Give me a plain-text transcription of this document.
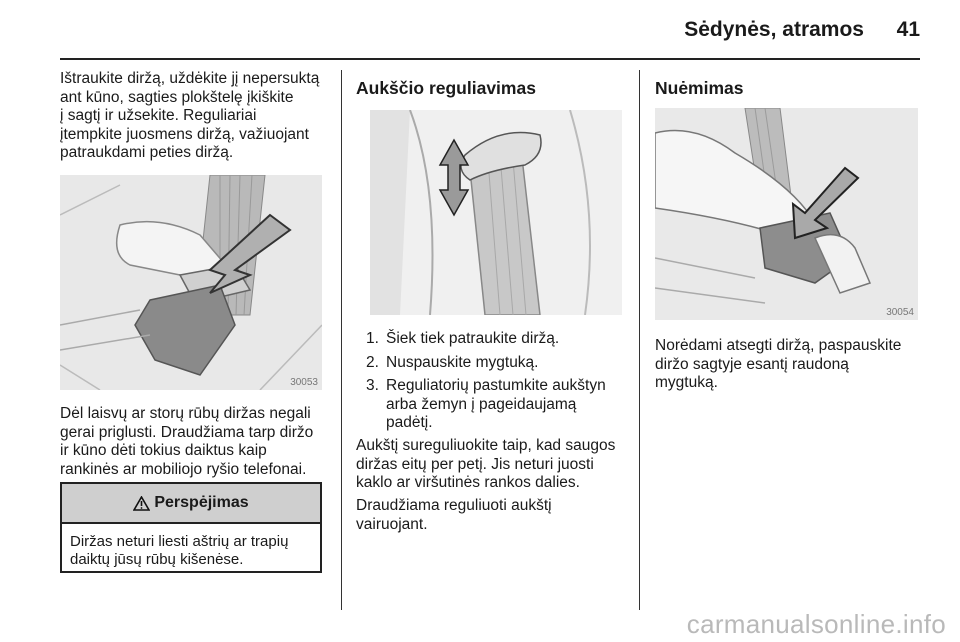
Sėdynės, atramos 41
Ištraukite diržą, uždėkite jį nepersuktą
ant kūno, sagties plokštelę įkiškite
į sagtį ir užsekite. Reguliariai
įtempkite juosmens diržą, važiuojant
patraukdami peties diržą.
30053
Dėl laisvų ar storų rūbų diržas negali
gerai priglusti. Draudžiama tarp diržo
ir kūno dėti tokius daiktus kaip
rankinės ar mobiliojo ryšio telefonai.
Perspėjimas
Diržas neturi liesti aštrių ar trapių
daiktų jūsų rūbų kišenėse.
Aukščio reguliavimas
1. Šiek tiek patraukite diržą.
2. Nuspauskite mygtuką.
3. Reguliatorių pastumkite aukštyn
arba žemyn į pageidaujamą
padėtį.
Aukštį sureguliuokite taip, kad saugos
diržas eitų per petį. Jis neturi juosti
kaklo ar viršutinės rankos dalies.
Draudžiama reguliuoti aukštį
vairuojant.
Nuėmimas
30054
Norėdami atsegti diržą, paspauskite
diržo sagtyje esantį raudoną
mygtuką.
carmanualsonline.info
